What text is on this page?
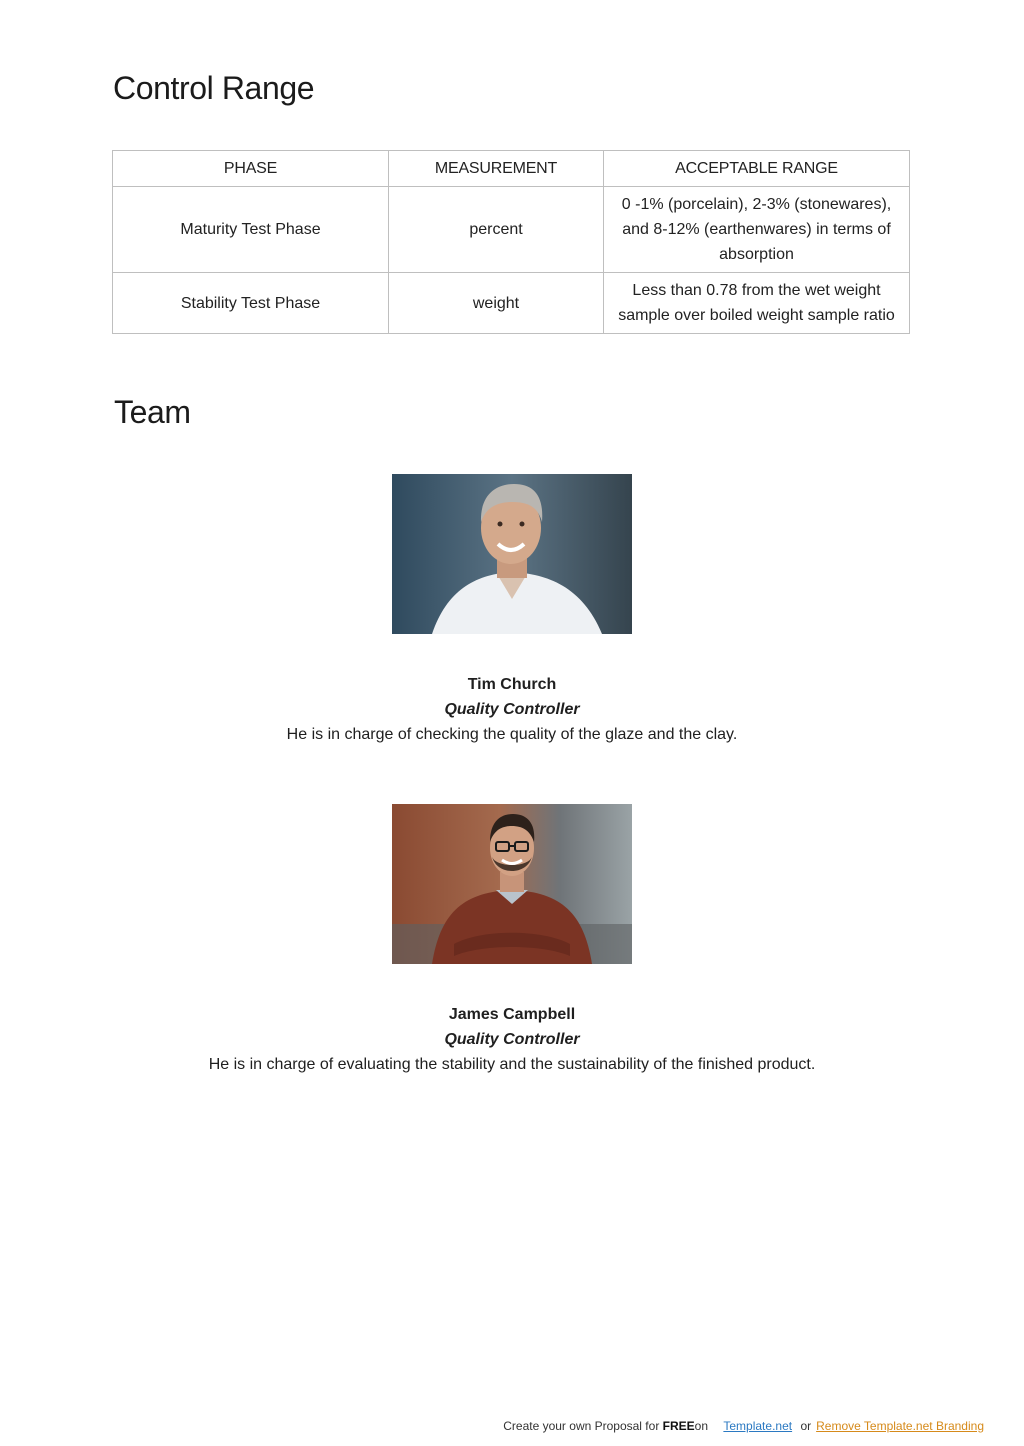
Control Range
PHASE	MEASUREMENT	ACCEPTABLE RANGE
Maturity Test Phase	percent	0 -1% (porcelain), 2-3% (stonewares), and 8-12% (earthenwares) in terms of absorption
Stability Test Phase	weight	Less than 0.78 from the wet weight sample over boiled weight sample ratio
Team
Tim Church
Quality Controller
He is in charge of checking the quality of the glaze and the clay.
James Campbell
Quality Controller
He is in charge of evaluating the stability and the sustainability of the finished product.
Create your own Proposal for FREEon Template.net or Remove Template.net Branding
